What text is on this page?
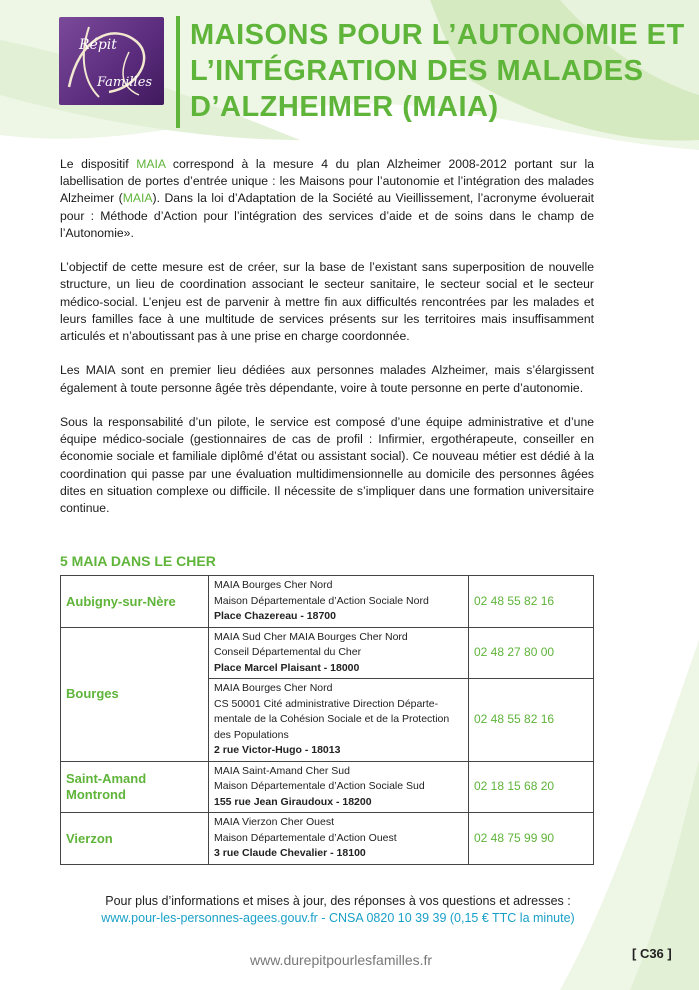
Répit
Familles
MAISONS POUR L’AUTONOMIE ET
L’INTÉGRATION DES MALADES
D’ALZHEIMER (MAIA)

Le dispositif MAIA correspond à la mesure 4 du plan Alzheimer 2008-2012 portant sur la labellisation de portes d’entrée unique : les Maisons pour l’autonomie et l’intégration des malades Alzheimer (MAIA). Dans la loi d’Adaptation de la Société au Vieillissement, l’acronyme évoluerait pour : Méthode d’Action pour l’intégration des services d’aide et de soins dans le champ de l’Autonomie».

L’objectif de cette mesure est de créer, sur la base de l’existant sans superposition de nouvelle structure, un lieu de coordination associant le secteur sanitaire, le secteur social et le secteur médico-social. L’enjeu est de parvenir à mettre fin aux difficultés rencontrées par les malades et leurs familles face à une multitude de services présents sur les territoires mais insuffisamment articulés et n’aboutissant pas à une prise en charge coordonnée.

Les MAIA sont en premier lieu dédiées aux personnes malades Alzheimer, mais s’élargissent également à toute personne âgée très dépendante, voire à toute personne en perte d’autonomie.

Sous la responsabilité d’un pilote, le service est composé d’une équipe administrative et d’une équipe médico-sociale (gestionnaires de cas de profil : Infirmier, ergothérapeute, conseiller en économie sociale et familiale diplômé d’état ou assistant social). Ce nouveau métier est dédié à la coordination qui passe par une évaluation multidimensionnelle au domicile des personnes âgées dites en situation complexe ou difficile. Il nécessite de s’impliquer dans une formation universitaire continue.

5 MAIA DANS LE CHER
Aubigny-sur-Nère	MAIA Bourges Cher Nord
Maison Départementale d’Action Sociale Nord
Place Chazereau - 18700	02 48 55 82 16
Bourges	MAIA Sud Cher MAIA Bourges Cher Nord
Conseil Départemental du Cher
Place Marcel Plaisant - 18000	02 48 27 80 00

	MAIA Bourges Cher Nord
CS 50001 Cité administrative Direction Départe-
mentale de la Cohésion Sociale et de la Protection
des Populations
2 rue Victor-Hugo - 18013	02 48 55 82 16
Saint-Amand Montrond	MAIA Saint-Amand Cher Sud
Maison Départementale d’Action Sociale Sud
155 rue Jean Giraudoux - 18200	02 18 15 68 20
Vierzon	MAIA Vierzon Cher Ouest
Maison Départementale d’Action Ouest
3 rue Claude Chevalier - 18100	02 48 75 99 90
Pour plus d’informations et mises à jour, des réponses à vos questions et adresses :
www.pour-les-personnes-agees.gouv.fr - CNSA 0820 10 39 39 (0,15 € TTC la minute)
www.durepitpourlesfamilles.fr	[ C36 ]
